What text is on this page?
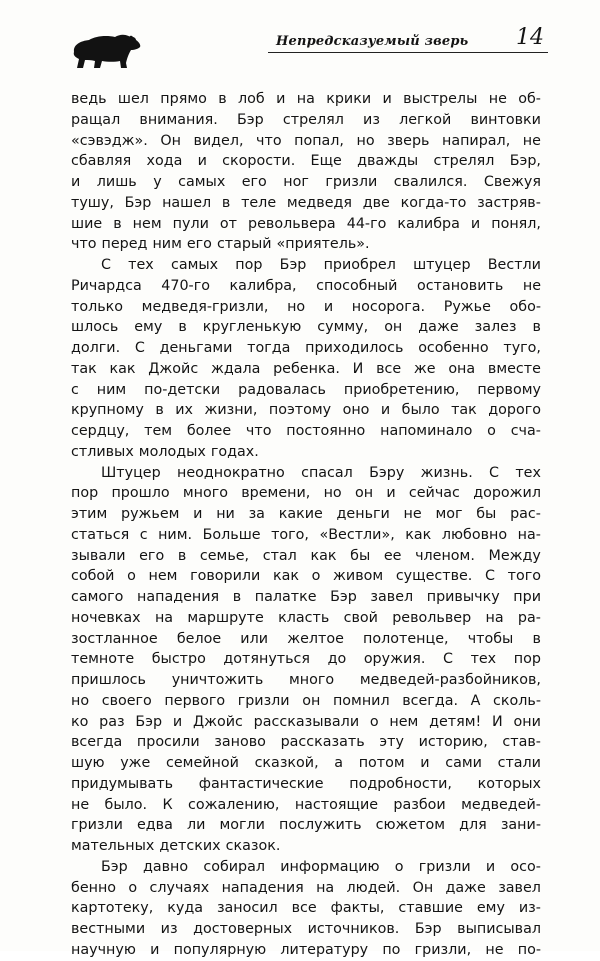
Непредсказуемый зверь 14
ведь шел прямо в лоб и на крики и выстрелы не об-
ращал внимания. Бэр стрелял из легкой винтовки
«сэвэдж». Он видел, что попал, но зверь напирал, не
сбавляя хода и скорости. Еще дважды стрелял Бэр,
и лишь у самых его ног гризли свалился. Свежуя
тушу, Бэр нашел в теле медведя две когда-то застряв-
шие в нем пули от револьвера 44-го калибра и понял,
что перед ним его старый «приятель».
С тех самых пор Бэр приобрел штуцер Вестли
Ричардса 470-го калибра, способный остановить не
только медведя-гризли, но и носорога. Ружье обо-
шлось ему в кругленькую сумму, он даже залез в
долги. С деньгами тогда приходилось особенно туго,
так как Джойс ждала ребенка. И все же она вместе
с ним по-детски радовалась приобретению, первому
крупному в их жизни, поэтому оно и было так дорого
сердцу, тем более что постоянно напоминало о сча-
стливых молодых годах.
Штуцер неоднократно спасал Бэру жизнь. С тех
пор прошло много времени, но он и сейчас дорожил
этим ружьем и ни за какие деньги не мог бы рас-
статься с ним. Больше того, «Вестли», как любовно на-
зывали его в семье, стал как бы ее членом. Между
собой о нем говорили как о живом существе. С того
самого нападения в палатке Бэр завел привычку при
ночевках на маршруте класть свой револьвер на ра-
зостланное белое или желтое полотенце, чтобы в
темноте быстро дотянуться до оружия. С тех пор
пришлось уничтожить много медведей-разбойников,
но своего первого гризли он помнил всегда. А сколь-
ко раз Бэр и Джойс рассказывали о нем детям! И они
всегда просили заново рассказать эту историю, став-
шую уже семейной сказкой, а потом и сами стали
придумывать фантастические подробности, которых
не было. К сожалению, настоящие разбои медведей-
гризли едва ли могли послужить сюжетом для зани-
мательных детских сказок.
Бэр давно собирал информацию о гризли и осо-
бенно о случаях нападения на людей. Он даже завел
картотеку, куда заносил все факты, ставшие ему из-
вестными из достоверных источников. Бэр выписывал
научную и популярную литературу по гризли, не по-
